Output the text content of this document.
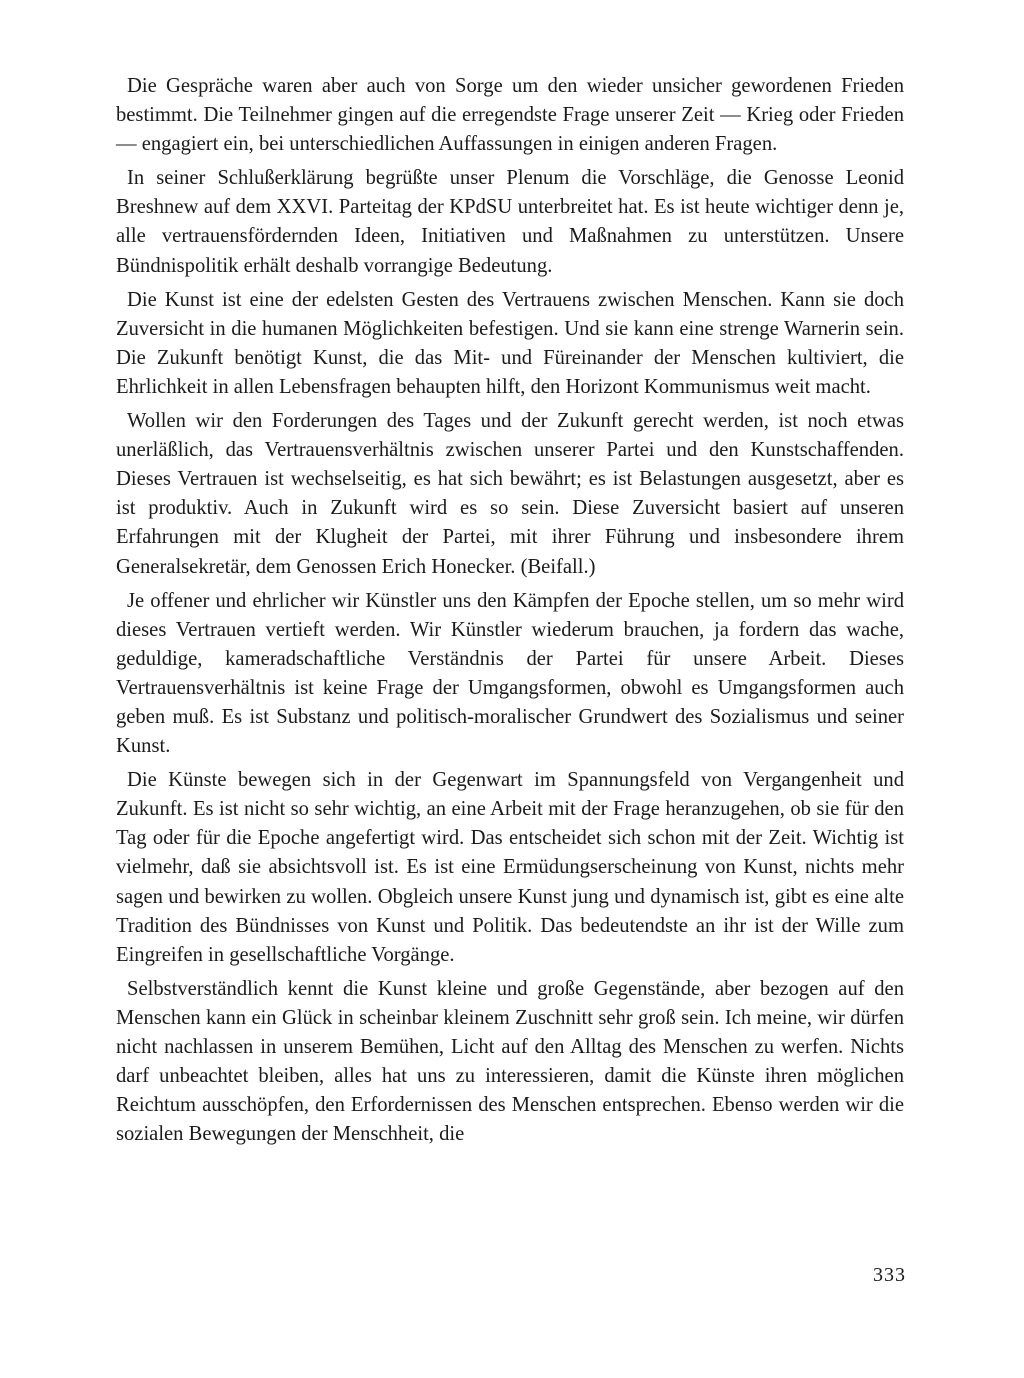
Die Gespräche waren aber auch von Sorge um den wieder unsicher gewordenen Frieden bestimmt. Die Teilnehmer gingen auf die erregendste Frage unserer Zeit — Krieg oder Frieden — engagiert ein, bei unterschiedlichen Auffassungen in einigen anderen Fragen.

In seiner Schlußerklärung begrüßte unser Plenum die Vorschläge, die Genosse Leonid Breshnew auf dem XXVI. Parteitag der KPdSU unterbreitet hat. Es ist heute wichtiger denn je, alle vertrauensfördernden Ideen, Initiativen und Maßnahmen zu unterstützen. Unsere Bündnispolitik erhält deshalb vorrangige Bedeutung.

Die Kunst ist eine der edelsten Gesten des Vertrauens zwischen Menschen. Kann sie doch Zuversicht in die humanen Möglichkeiten befestigen. Und sie kann eine strenge Warnerin sein. Die Zukunft benötigt Kunst, die das Mit- und Füreinander der Menschen kultiviert, die Ehrlichkeit in allen Lebensfragen behaupten hilft, den Horizont Kommunismus weit macht.

Wollen wir den Forderungen des Tages und der Zukunft gerecht werden, ist noch etwas unerläßlich, das Vertrauensverhältnis zwischen unserer Partei und den Kunstschaffenden. Dieses Vertrauen ist wechselseitig, es hat sich bewährt; es ist Belastungen ausgesetzt, aber es ist produktiv. Auch in Zukunft wird es so sein. Diese Zuversicht basiert auf unseren Erfahrungen mit der Klugheit der Partei, mit ihrer Führung und insbesondere ihrem Generalsekretär, dem Genossen Erich Honecker. (Beifall.)

Je offener und ehrlicher wir Künstler uns den Kämpfen der Epoche stellen, um so mehr wird dieses Vertrauen vertieft werden. Wir Künstler wiederum brauchen, ja fordern das wache, geduldige, kameradschaftliche Verständnis der Partei für unsere Arbeit. Dieses Vertrauensverhältnis ist keine Frage der Umgangsformen, obwohl es Umgangsformen auch geben muß. Es ist Substanz und politisch-moralischer Grundwert des Sozialismus und seiner Kunst.

Die Künste bewegen sich in der Gegenwart im Spannungsfeld von Vergangenheit und Zukunft. Es ist nicht so sehr wichtig, an eine Arbeit mit der Frage heranzugehen, ob sie für den Tag oder für die Epoche angefertigt wird. Das entscheidet sich schon mit der Zeit. Wichtig ist vielmehr, daß sie absichtsvoll ist. Es ist eine Ermüdungserscheinung von Kunst, nichts mehr sagen und bewirken zu wollen. Obgleich unsere Kunst jung und dynamisch ist, gibt es eine alte Tradition des Bündnisses von Kunst und Politik. Das bedeutendste an ihr ist der Wille zum Eingreifen in gesellschaftliche Vorgänge.

Selbstverständlich kennt die Kunst kleine und große Gegenstände, aber bezogen auf den Menschen kann ein Glück in scheinbar kleinem Zuschnitt sehr groß sein. Ich meine, wir dürfen nicht nachlassen in unserem Bemühen, Licht auf den Alltag des Menschen zu werfen. Nichts darf unbeachtet bleiben, alles hat uns zu interessieren, damit die Künste ihren möglichen Reichtum ausschöpfen, den Erfordernissen des Menschen entsprechen. Ebenso werden wir die sozialen Bewegungen der Menschheit, die

333
